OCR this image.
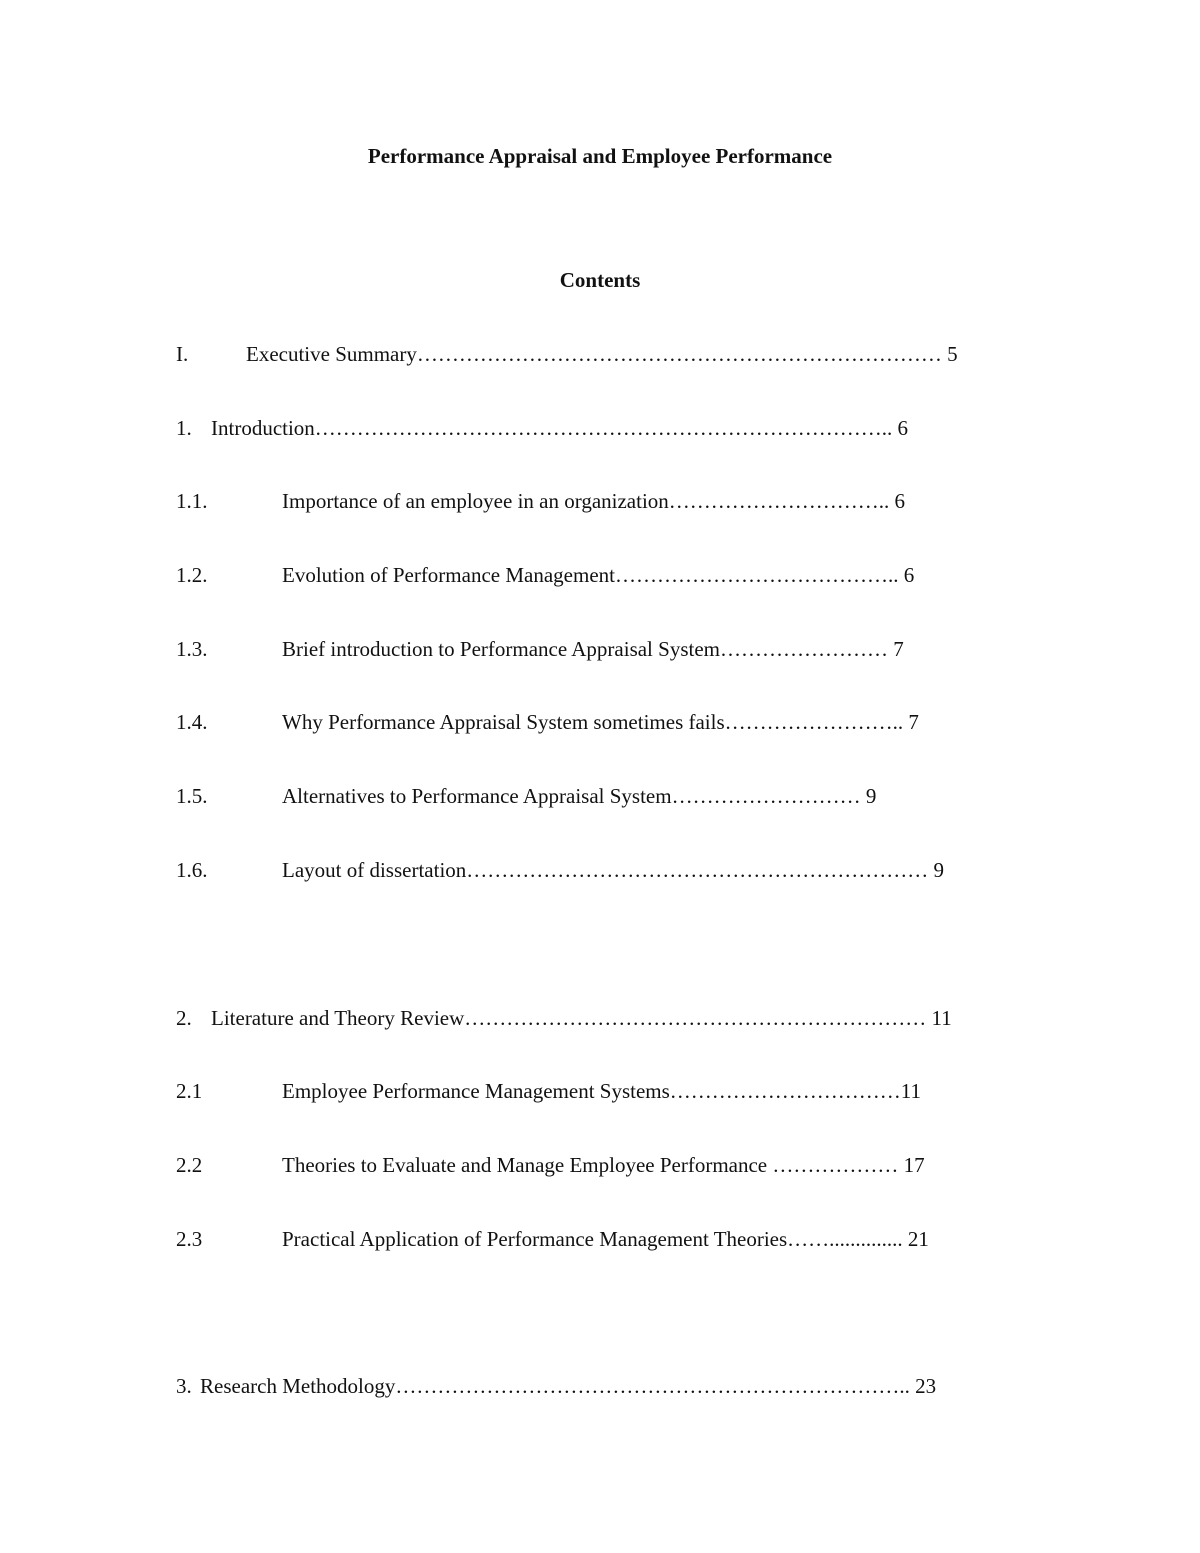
Performance Appraisal and Employee Performance
Contents
I.	Executive Summary………………………………………………………………… 5
1. Introduction……………………………………………………………………….. 6
1.1.	Importance of an employee in an organization………………………….. 6
1.2.	Evolution of Performance Management………………………………….. 6
1.3.	Brief introduction to Performance Appraisal System…………………… 7
1.4.	Why Performance Appraisal System sometimes fails…………………….. 7
1.5.	Alternatives to Performance Appraisal System……………………… 9
1.6.	Layout of dissertation………………………………………………………… 9
2. Literature and Theory Review………………………………………………………… 11
2.1	Employee Performance Management Systems……………………………11
2.2	Theories to Evaluate and Manage Employee Performance ……………… 17
2.3	Practical Application of Performance Management Theories…….............. 21
3. Research Methodology……………………………………………………………….. 23
